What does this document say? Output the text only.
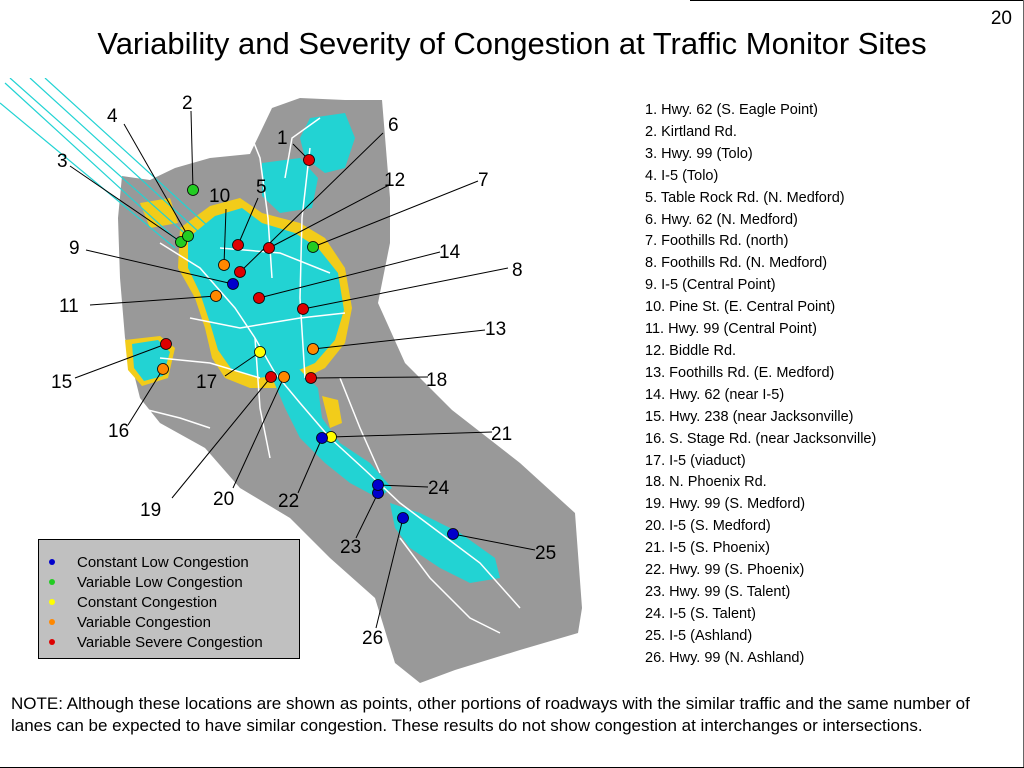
20
Variability and Severity of Congestion at Traffic Monitor Sites
1
2
3
4
5
6
7
8
9
10
11
12
13
14
15
16
17	18
19
20
21
22
23
24
25
26
Constant Low Congestion
Variable Low Congestion
Constant Congestion
Variable Congestion
Variable Severe Congestion
1. Hwy. 62 (S. Eagle Point)
2. Kirtland Rd.
3. Hwy. 99 (Tolo)
4. I-5 (Tolo)
5. Table Rock Rd. (N. Medford)
6. Hwy. 62 (N. Medford)
7. Foothills Rd. (north)
8. Foothills Rd. (N. Medford)
9. I-5 (Central Point)
10. Pine St. (E. Central Point)
11. Hwy. 99 (Central Point)
12. Biddle Rd.
13. Foothills Rd. (E. Medford)
14. Hwy. 62 (near I-5)
15. Hwy. 238 (near Jacksonville)
16. S. Stage Rd. (near Jacksonville)
17. I-5 (viaduct)
18. N. Phoenix Rd.
19. Hwy. 99 (S. Medford)
20. I-5 (S. Medford)
21. I-5 (S. Phoenix)
22. Hwy. 99 (S. Phoenix)
23. Hwy. 99 (S. Talent)
24. I-5 (S. Talent)
25. I-5 (Ashland)
26. Hwy. 99 (N. Ashland)
NOTE: Although these locations are shown as points, other portions of roadways with the similar traffic and the same number of lanes can be expected to have similar congestion. These results do not show congestion at interchanges or intersections.
